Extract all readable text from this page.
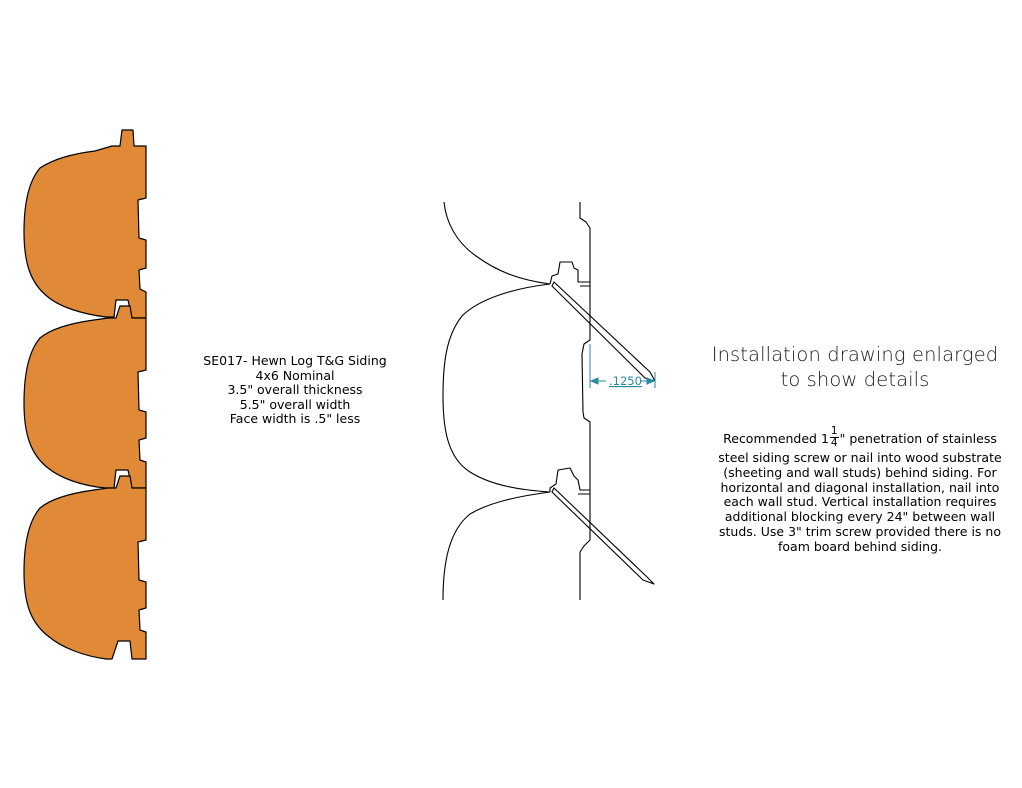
.1250
SE017- Hewn Log T&G Siding
4x6 Nominal
3.5" overall thickness
5.5" overall width
Face width is .5" less
Installation drawing enlarged
to show details
Recommended $1 \frac{1}{4}$ " penetration of stainless steel siding screw or nail into wood substrate (sheeting and wall studs) behind siding. For horizontal and diagonal installation, nail into each wall stud. Vertical installation requires additional blocking every 24" between wall studs. Use 3" trim screw provided there is no foam board behind siding.
